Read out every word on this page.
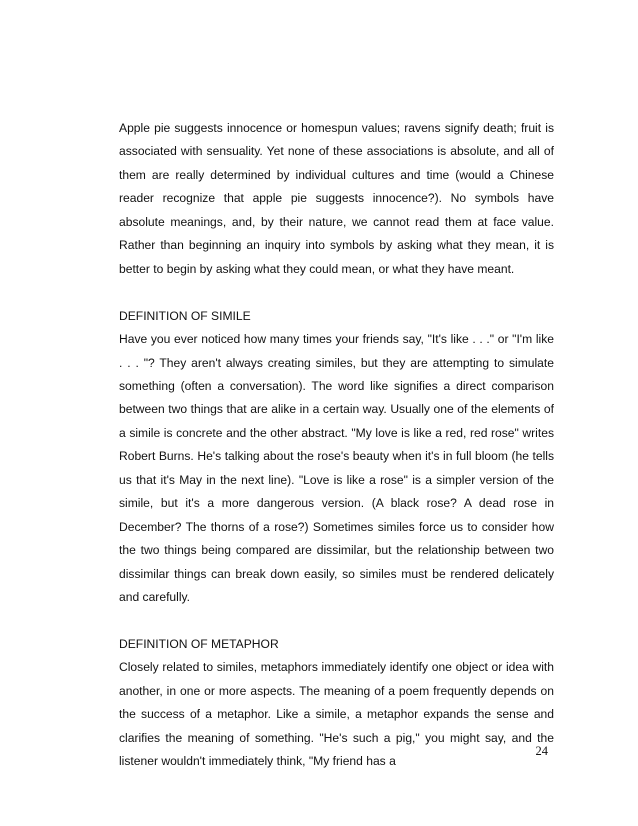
Apple pie suggests innocence or homespun values; ravens signify death; fruit is associated with sensuality. Yet none of these associations is absolute, and all of them are really determined by individual cultures and time (would a Chinese reader recognize that apple pie suggests innocence?). No symbols have absolute meanings, and, by their nature, we cannot read them at face value. Rather than beginning an inquiry into symbols by asking what they mean, it is better to begin by asking what they could mean, or what they have meant.

DEFINITION OF SIMILE

Have you ever noticed how many times your friends say, "It's like . . ." or "I'm like . . . "? They aren't always creating similes, but they are attempting to simulate something (often a conversation). The word like signifies a direct comparison between two things that are alike in a certain way. Usually one of the elements of a simile is concrete and the other abstract. "My love is like a red, red rose" writes Robert Burns. He's talking about the rose's beauty when it's in full bloom (he tells us that it's May in the next line). "Love is like a rose" is a simpler version of the simile, but it's a more dangerous version. (A black rose? A dead rose in December? The thorns of a rose?) Sometimes similes force us to consider how the two things being compared are dissimilar, but the relationship between two dissimilar things can break down easily, so similes must be rendered delicately and carefully.

DEFINITION OF METAPHOR

Closely related to similes, metaphors immediately identify one object or idea with another, in one or more aspects. The meaning of a poem frequently depends on the success of a metaphor. Like a simile, a metaphor expands the sense and clarifies the meaning of something. "He's such a pig," you might say, and the listener wouldn't immediately think, "My friend has a

24
